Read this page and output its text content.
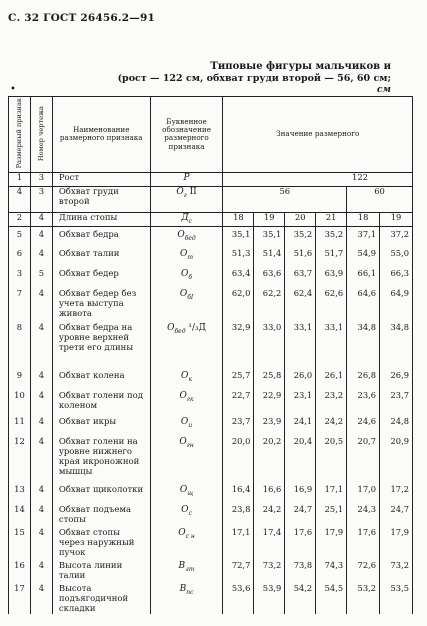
С. 32 ГОСТ 26456.2—91
Типовые фигуры мальчиков и
(рост — 122 см, обхват груди второй — 56, 60 см;
см
•
Размерный признак	Номер чертежа	Наименование размерного признака	Буквенное обозначение размерного признака	Значение размерного					
1	3	Рост	Р	122					
4	3	Обхват груди второй	$О_г$ II	56				60	
2	4	Длина стопы	$Д_с$	18	19	20	21	18	19
5	4	Обхват бедра	$О_{бед}$	35,1	35,1	35,2	35,2	37,1	37,2
6	4	Обхват талии	$О_т$	51,3	51,4	51,6	51,7	54,9	55,0
3	5	Обхват бедер	$О_б$	63,4	63,6	63,7	63,9	66,1	66,3
7	4	Обхват бедер без учета выступа живота	$О_{бI}$	62,0	62,2	62,4	62,6	64,6	64,9
8	4	Обхват бедра на уровне верхней трети его длины	$О_{бед}$ ¹/₃Д	32,9	33,0	33,1	33,1	34,8	34,8
9	4	Обхват колена	$О_к$	25,7	25,8	26,0	26,1	26,8	26,9
10	4	Обхват голени под коленом	$О_{гк}$	22,7	22,9	23,1	23,2	23,6	23,7
11	4	Обхват икры	$О_и$	23,7	23,9	24,1	24,2	24,6	24,8
12	4	Обхват голени на уровне нижнего края икроножной мышцы	$О_{гн}$	20,0	20,2	20,4	20,5	20,7	20,9
13	4	Обхват щиколотки	$О_щ$	16,4	16,6	16,9	17,1	17,0	17,2
14	4	Обхват подъема стопы	$О_с$	23,8	24,2	24,7	25,1	24,3	24,7
15	4	Обхват стопы через наружный пучок	$О_{с н}$	17,1	17,4	17,6	17,9	17,6	17,9
16	4	Высота линии талии	$В_{лт}$	72,7	73,2	73,8	74,3	72,6	73,2
17	4	Высота подъягодичной складки	$В_{пс}$	53,6	53,9	54,2	54,5	53,2	53,5
